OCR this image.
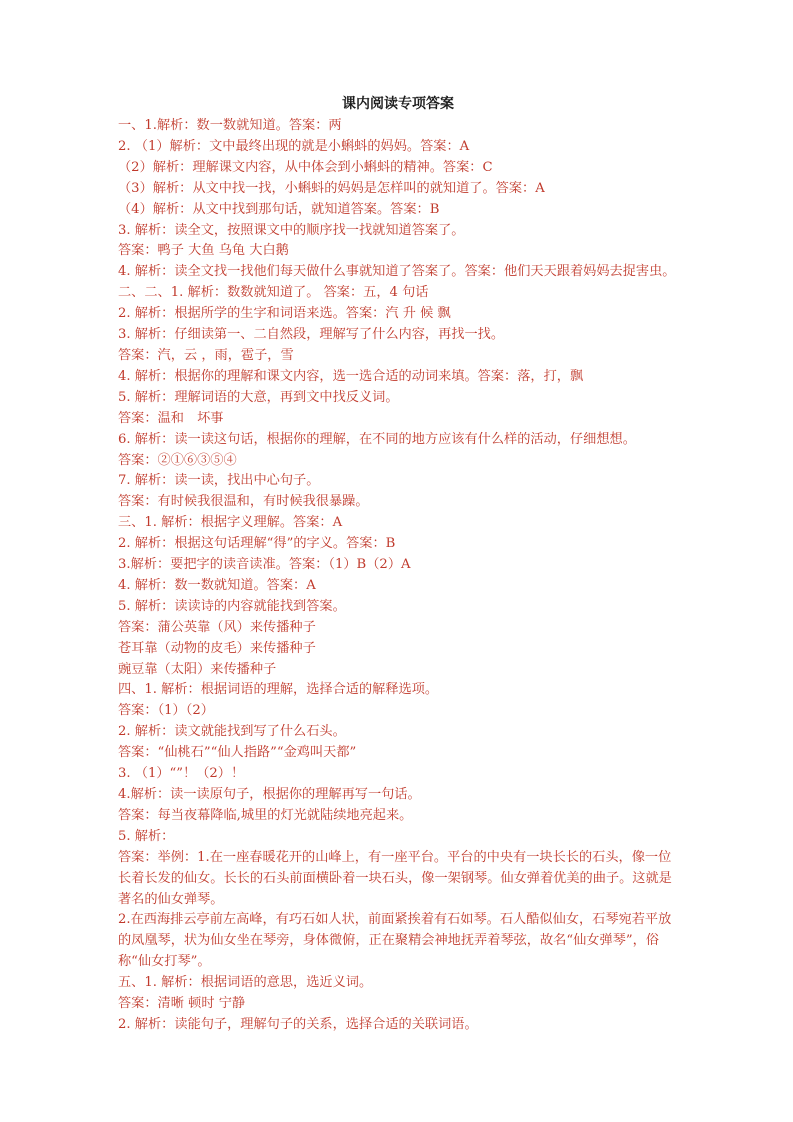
课内阅读专项答案
一、1.解析：数一数就知道。答案：两
2. （1）解析：文中最终出现的就是小蝌蚪的妈妈。答案：A
（2）解析：理解课文内容，从中体会到小蝌蚪的精神。答案：C
（3）解析：从文中找一找，小蝌蚪的妈妈是怎样叫的就知道了。答案：A
（4）解析：从文中找到那句话，就知道答案。答案：B
3. 解析：读全文，按照课文中的顺序找一找就知道答案了。
答案：鸭子 大鱼 乌龟 大白鹅
4. 解析：读全文找一找他们每天做什么事就知道了答案了。答案：他们天天跟着妈妈去捉害虫。
二、二、1. 解析：数数就知道了。 答案：五，4 句话
2. 解析：根据所学的生字和词语来选。答案：汽 升 候 飘
3. 解析：仔细读第一、二自然段，理解写了什么内容，再找一找。
答案：汽，云 ，雨，雹子，雪
4. 解析：根据你的理解和课文内容，选一选合适的动词来填。答案：落，打，飘
5. 解析：理解词语的大意，再到文中找反义词。
答案：温和　坏事
6. 解析：读一读这句话，根据你的理解，在不同的地方应该有什么样的活动，仔细想想。
答案：②①⑥③⑤④
7. 解析：读一读，找出中心句子。
答案：有时候我很温和，有时候我很暴躁。
三、1. 解析：根据字义理解。答案：A
2. 解析：根据这句话理解“得”的字义。答案：B
3.解析：要把字的读音读准。答案：（1）B（2）A
4. 解析：数一数就知道。答案：A
5. 解析：读读诗的内容就能找到答案。
答案：蒲公英靠（风）来传播种子
苍耳靠（动物的皮毛）来传播种子
豌豆靠（太阳）来传播种子
四、1. 解析：根据词语的理解，选择合适的解释选项。
答案：（1）（2）
2. 解析：读文就能找到写了什么石头。
答案：“仙桃石”“仙人指路”“金鸡叫天都”
3. （1）“”！（2）！
4.解析：读一读原句子，根据你的理解再写一句话。
答案：每当夜幕降临,城里的灯光就陆续地亮起来。
5. 解析：
答案：举例：1.在一座春暖花开的山峰上，有一座平台。平台的中央有一块长长的石头，像一位长着长发的仙女。长长的石头前面横卧着一块石头，像一架钢琴。仙女弹着优美的曲子。这就是著名的仙女弹琴。
2.在西海排云亭前左高峰，有巧石如人状，前面紧挨着有石如琴。石人酷似仙女，石琴宛若平放的凤凰琴，状为仙女坐在琴旁，身体微俯，正在聚精会神地抚弄着琴弦，故名“仙女弹琴”，俗称“仙女打琴”。
五、1. 解析：根据词语的意思，选近义词。
答案：清晰 顿时 宁静
2. 解析：读能句子，理解句子的关系，选择合适的关联词语。
